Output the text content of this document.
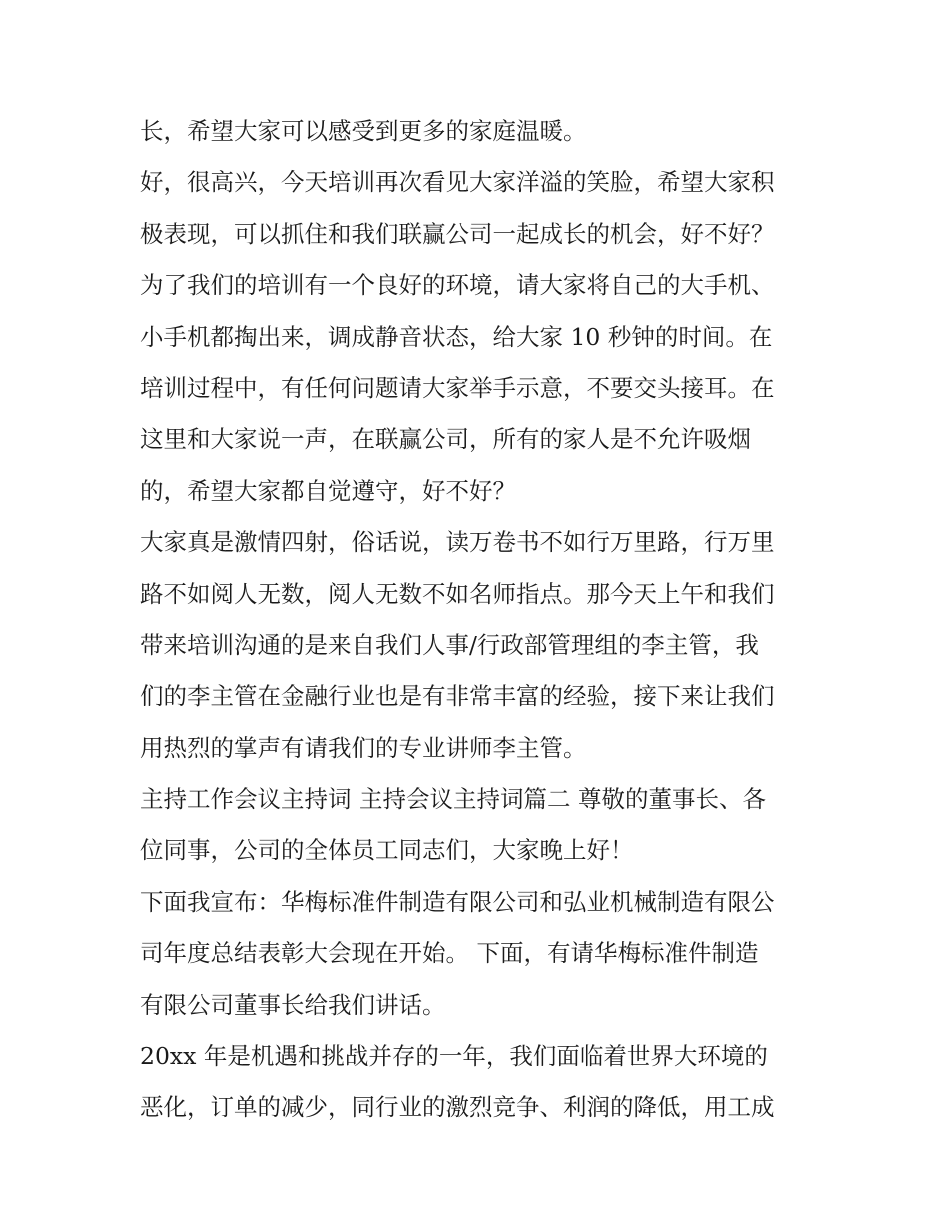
长，希望大家可以感受到更多的家庭温暖。
好，很高兴，今天培训再次看见大家洋溢的笑脸，希望大家积
极表现，可以抓住和我们联赢公司一起成长的机会，好不好？
为了我们的培训有一个良好的环境，请大家将自己的大手机、
小手机都掏出来，调成静音状态，给大家 10 秒钟的时间。在
培训过程中，有任何问题请大家举手示意，不要交头接耳。在
这里和大家说一声，在联赢公司，所有的家人是不允许吸烟
的，希望大家都自觉遵守，好不好？
大家真是激情四射，俗话说，读万卷书不如行万里路，行万里
路不如阅人无数，阅人无数不如名师指点。那今天上午和我们
带来培训沟通的是来自我们人事/行政部管理组的李主管，我
们的李主管在金融行业也是有非常丰富的经验，接下来让我们
用热烈的掌声有请我们的专业讲师李主管。
主持工作会议主持词 主持会议主持词篇二 尊敬的董事长、各
位同事，公司的全体员工同志们，大家晚上好！
下面我宣布：华梅标准件制造有限公司和弘业机械制造有限公
司年度总结表彰大会现在开始。 下面，有请华梅标准件制造
有限公司董事长给我们讲话。
20xx 年是机遇和挑战并存的一年，我们面临着世界大环境的
恶化，订单的减少，同行业的激烈竞争、利润的降低，用工成
